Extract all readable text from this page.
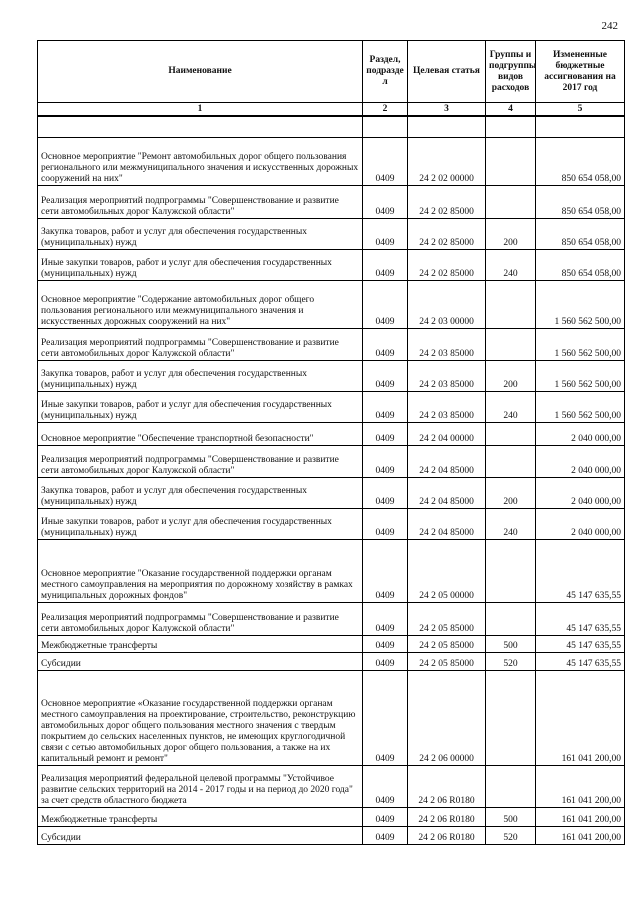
242
Наименование	Раздел, подразде л	Целевая статья	Группы и подгруппы видов расходов	Измененные бюджетные ассигнования на 2017 год
1	2	3	4	5

Основное мероприятие "Ремонт автомобильных дорог общего пользования регионального или межмуниципального значения и искусственных дорожных сооружений на них"	0409	24 2 02 00000		850 654 058,00
Реализация мероприятий подпрограммы "Совершенствование и развитие сети автомобильных дорог Калужской области"	0409	24 2 02 85000		850 654 058,00
Закупка товаров, работ и услуг для обеспечения государственных (муниципальных) нужд	0409	24 2 02 85000	200	850 654 058,00
Иные закупки товаров, работ и услуг для обеспечения государственных (муниципальных) нужд	0409	24 2 02 85000	240	850 654 058,00
Основное мероприятие "Содержание автомобильных дорог общего пользования регионального или межмуниципального значения и искусственных дорожных сооружений на них"	0409	24 2 03 00000		1 560 562 500,00
Реализация мероприятий подпрограммы "Совершенствование и развитие сети автомобильных дорог Калужской области"	0409	24 2 03 85000		1 560 562 500,00
Закупка товаров, работ и услуг для обеспечения государственных (муниципальных) нужд	0409	24 2 03 85000	200	1 560 562 500,00
Иные закупки товаров, работ и услуг для обеспечения государственных (муниципальных) нужд	0409	24 2 03 85000	240	1 560 562 500,00
Основное мероприятие "Обеспечение транспортной безопасности"	0409	24 2 04 00000		2 040 000,00
Реализация мероприятий подпрограммы "Совершенствование и развитие сети автомобильных дорог Калужской области"	0409	24 2 04 85000		2 040 000,00
Закупка товаров, работ и услуг для обеспечения государственных (муниципальных) нужд	0409	24 2 04 85000	200	2 040 000,00
Иные закупки товаров, работ и услуг для обеспечения государственных (муниципальных) нужд	0409	24 2 04 85000	240	2 040 000,00
Основное мероприятие "Оказание государственной поддержки органам местного самоуправления на мероприятия по дорожному хозяйству в рамках муниципальных дорожных фондов"	0409	24 2 05 00000		45 147 635,55
Реализация мероприятий подпрограммы "Совершенствование и развитие сети автомобильных дорог Калужской области"	0409	24 2 05 85000		45 147 635,55
Межбюджетные трансферты	0409	24 2 05 85000	500	45 147 635,55
Субсидии	0409	24 2 05 85000	520	45 147 635,55
Основное мероприятие «Оказание государственной поддержки органам местного самоуправления на проектирование, строительство, реконструкцию автомобильных дорог общего пользования местного значения с твердым покрытием до сельских населенных пунктов, не имеющих круглогодичной связи с сетью автомобильных дорог общего пользования, а также на их капитальный ремонт и ремонт"	0409	24 2 06 00000		161 041 200,00
Реализация мероприятий федеральной целевой программы "Устойчивое развитие сельских территорий на 2014 - 2017 годы и на период до 2020 года" за счет средств областного бюджета	0409	24 2 06 R0180		161 041 200,00
Межбюджетные трансферты	0409	24 2 06 R0180	500	161 041 200,00
Субсидии	0409	24 2 06 R0180	520	161 041 200,00
